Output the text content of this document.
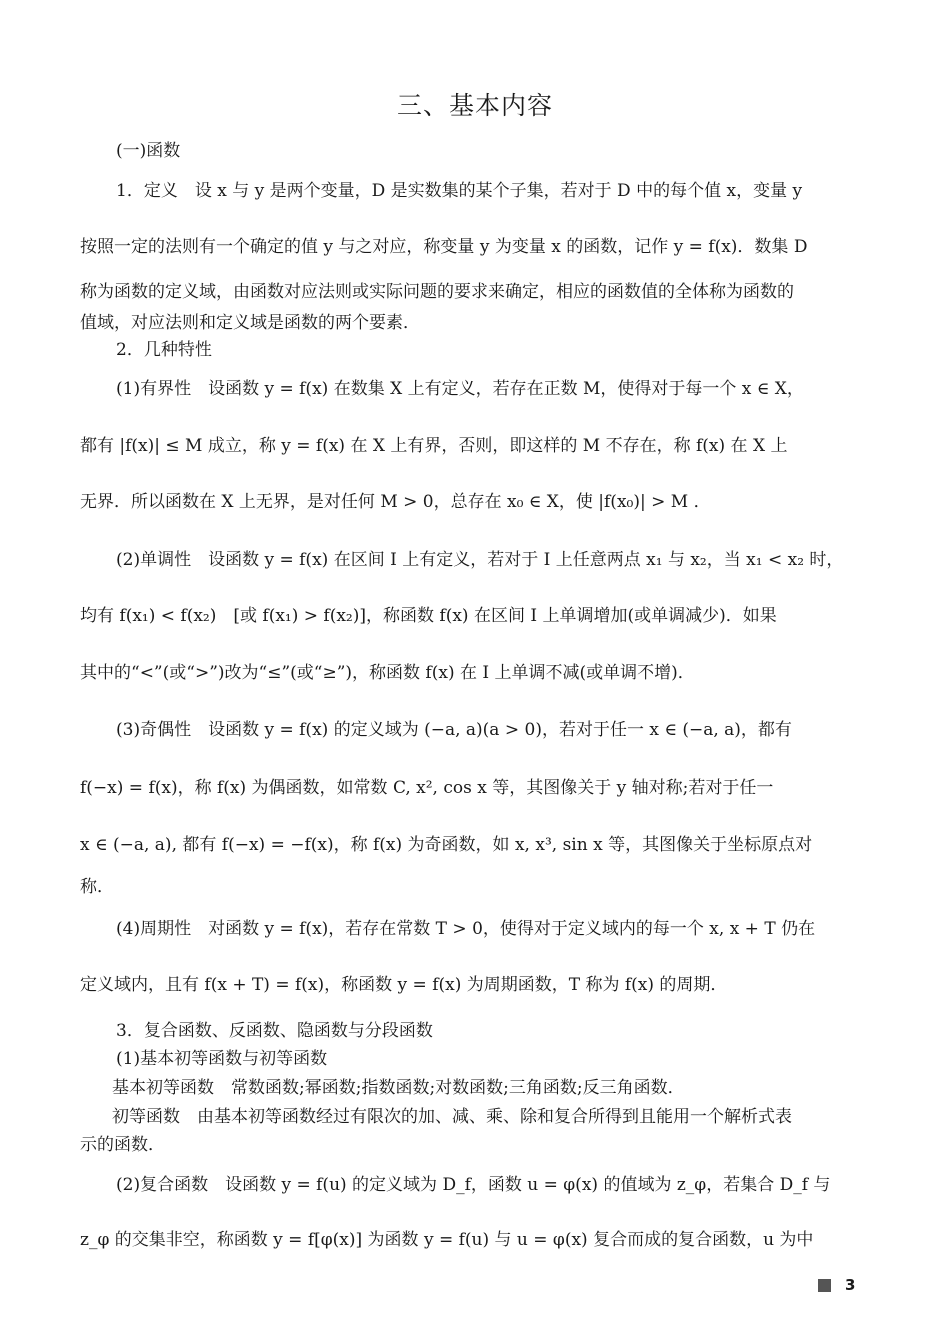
三、基本内容
(一)函数
1．定义　设 x 与 y 是两个变量，D 是实数集的某个子集，若对于 D 中的每个值 x，变量 y
按照一定的法则有一个确定的值 y 与之对应，称变量 y 为变量 x 的函数，记作 y = f(x)．数集 D
称为函数的定义域，由函数对应法则或实际问题的要求来确定，相应的函数值的全体称为函数的
值域，对应法则和定义域是函数的两个要素．
2．几种特性
(1)有界性　设函数 y = f(x) 在数集 X 上有定义，若存在正数 M，使得对于每一个 x ∈ X，
都有 |f(x)| ≤ M 成立，称 y = f(x) 在 X 上有界，否则，即这样的 M 不存在，称 f(x) 在 X 上
无界．所以函数在 X 上无界，是对任何 M > 0，总存在 x₀ ∈ X，使 |f(x₀)| > M ．
(2)单调性　设函数 y = f(x) 在区间 I 上有定义，若对于 I 上任意两点 x₁ 与 x₂，当 x₁ < x₂ 时，
均有 f(x₁) < f(x₂)　[或 f(x₁) > f(x₂)]，称函数 f(x) 在区间 I 上单调增加(或单调减少)．如果
其中的“<”(或“>”)改为“≤”(或“≥”)，称函数 f(x) 在 I 上单调不减(或单调不增)．
(3)奇偶性　设函数 y = f(x) 的定义域为 (−a, a)(a > 0)，若对于任一 x ∈ (−a, a)，都有
f(−x) = f(x)，称 f(x) 为偶函数，如常数 C, x², cos x 等，其图像关于 y 轴对称;若对于任一
x ∈ (−a, a), 都有 f(−x) = −f(x)，称 f(x) 为奇函数，如 x, x³, sin x 等，其图像关于坐标原点对
称．
(4)周期性　对函数 y = f(x)，若存在常数 T > 0，使得对于定义域内的每一个 x, x + T 仍在
定义域内，且有 f(x + T) = f(x)，称函数 y = f(x) 为周期函数，T 称为 f(x) 的周期．
3．复合函数、反函数、隐函数与分段函数
(1)基本初等函数与初等函数
基本初等函数　常数函数;幂函数;指数函数;对数函数;三角函数;反三角函数．
初等函数　由基本初等函数经过有限次的加、减、乘、除和复合所得到且能用一个解析式表
示的函数．
(2)复合函数　设函数 y = f(u) 的定义域为 D_f，函数 u = φ(x) 的值域为 z_φ，若集合 D_f 与
z_φ 的交集非空，称函数 y = f[φ(x)] 为函数 y = f(u) 与 u = φ(x) 复合而成的复合函数，u 为中
3
